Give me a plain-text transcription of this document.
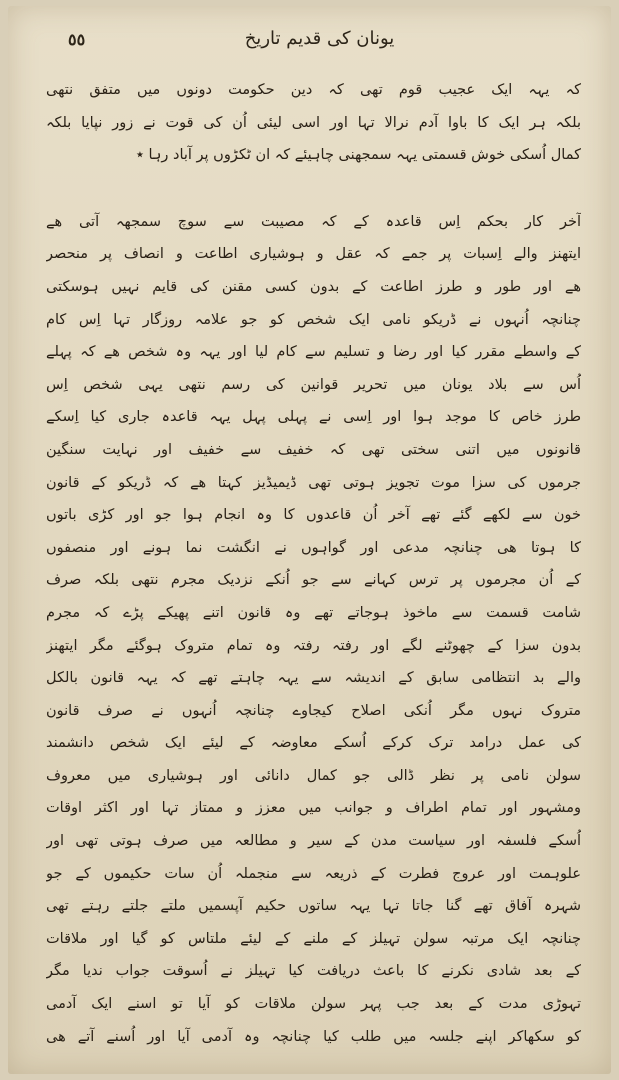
یونان کی قدیم تاریخ
٥٥
کہ یہہ ایک عجیب قوم تھی کہ دین حکومت دونوں میں متفق نتھی
بلکہ ہر ایک کا باوا آدم نرالا تہا اور اسی لیئی اُن کی قوت نے زور نپایا بلکہ
کمال اُسکی خوش قسمتی یہہ سمجھنی چاہیئے کہ ان ٹکڑوں پر آباد رہا ٭
آخر کار بحکم اِس قاعدہ کے کہ مصیبت سے سوچ سمجھہ آتی ھے
ایتھنز والے اِسبات پر جمے کہ عقل و ہوشیاری اطاعت و انصاف پر منحصر
ھے اور طور و طرز اطاعت کے بدون کسی مقنن کی قایم نہیں ہوسکتی
چنانچہ اُنہوں نے ڈریکو نامی ایک شخص کو جو علامہ روزگار تہا اِس کام
کے واسطے مقرر کیا اور رضا و تسلیم سے کام لیا اور یہہ وہ شخص ھے کہ پہلے
اُس سے بلاد یونان میں تحریر قوانین کی رسم نتھی یہی شخص اِس
طرز خاص کا موجد ہوا اور اِسی نے پہلی پہل یہہ قاعدہ جاری کیا اِسکے
قانونوں میں اتنی سختی تھی کہ خفیف سے خفیف اور نہایت سنگین
جرموں کی سزا موت تجویز ہوتی تھی ڈیمیڈیز کہتا ھے کہ ڈریکو کے قانون
خون سے لکھے گئے تھے آخر اُن قاعدوں کا وہ انجام ہوا جو اور کڑی باتوں
کا ہوتا ھی چنانچہ مدعی اور گواہوں نے انگشت نما ہونے اور منصفوں
کے اُن مجرموں پر ترس کہانے سے جو اُنکے نزدیک مجرم نتھی بلکہ صرف
شامت قسمت سے ماخوذ ہوجاتے تھے وہ قانون اتنے پھیکے پڑے کہ مجرم
بدون سزا کے چھوٹنے لگے اور رفتہ رفتہ وہ تمام متروک ہوگئے مگر ایتھنز
والے بد انتظامی سابق کے اندیشہ سے یہہ چاہتے تھے کہ یہہ قانون بالکل
متروک نہوں مگر اُنکی اصلاح کیجاوے چنانچہ اُنہوں نے صرف قانون
کی عمل درامد ترک کرکے اُسکے معاوضہ کے لیئے ایک شخص دانشمند
سولن نامی پر نظر ڈالی جو کمال دانائی اور ہوشیاری میں معروف
ومشہور اور تمام اطراف و جوانب میں معزز و ممتاز تہا اور اکثر اوقات
اُسکے فلسفہ اور سیاست مدن کے سیر و مطالعہ میں صرف ہوتی تھی اور
علوہمت اور عروج فطرت کے ذریعہ سے منجملہ اُن سات حکیموں کے جو
شہرہ آفاق تھے گنا جاتا تہا یہہ ساتوں حکیم آپسمیں ملتے جلتے رہتے تھی
چنانچہ ایک مرتبہ سولن تہیلز کے ملنے کے لیئے ملتاس کو گیا اور ملاقات
کے بعد شادی نکرنے کا باعث دریافت کیا تہیلز نے اُسوقت جواب ندیا مگر
تہوڑی مدت کے بعد جب پہر سولن ملاقات کو آیا تو اسنے ایک آدمی
کو سکھاکر اپنے جلسہ میں طلب کیا چنانچہ وہ آدمی آیا اور اُسنے آتے ھی
